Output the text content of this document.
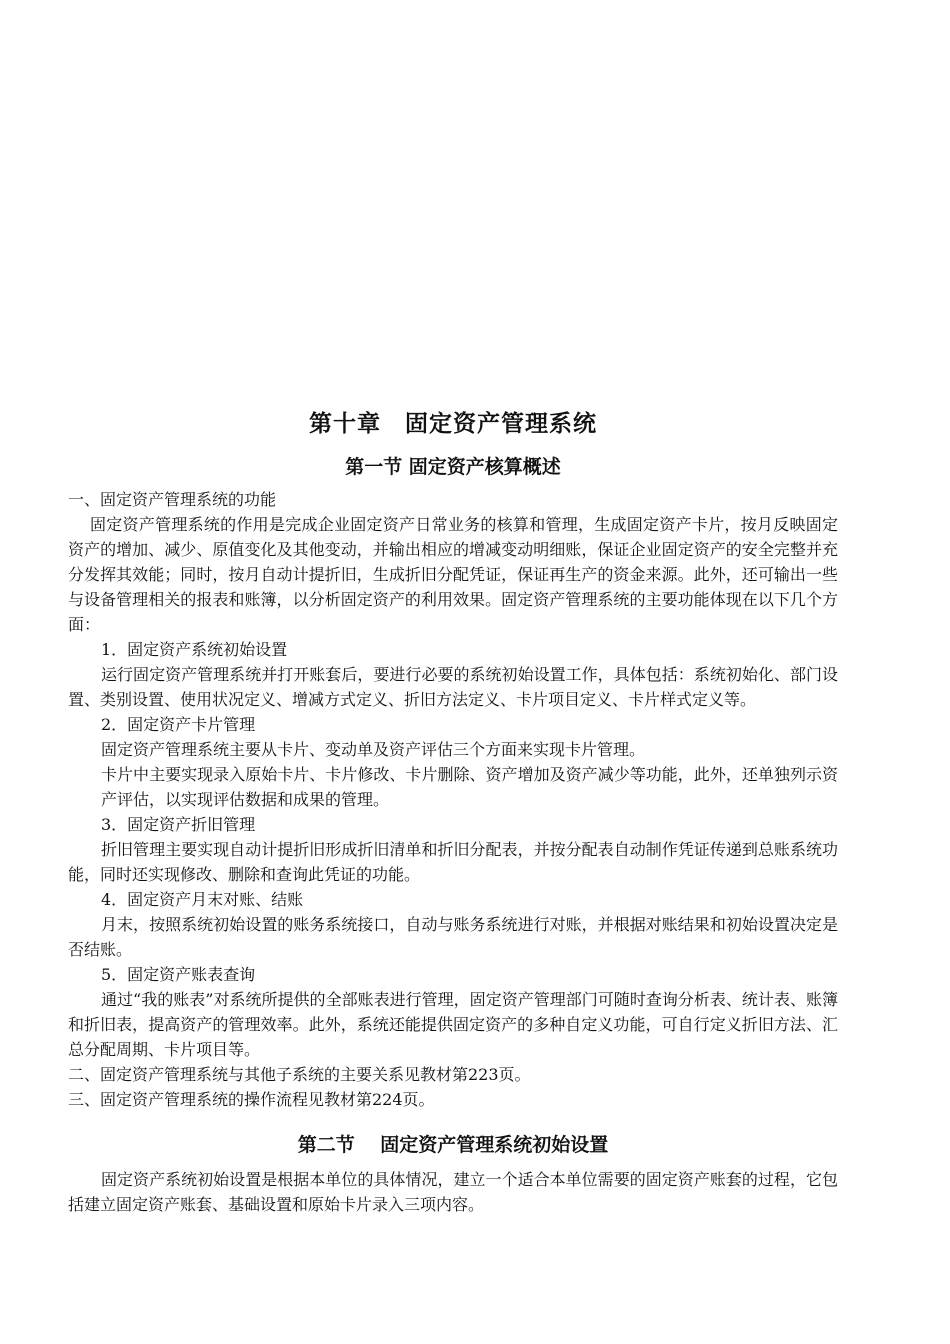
第十章　固定资产管理系统
第一节 固定资产核算概述

一、固定资产管理系统的功能

固定资产管理系统的作用是完成企业固定资产日常业务的核算和管理，生成固定资产卡片，按月反映固定资产的增加、减少、原值变化及其他变动，并输出相应的增减变动明细账，保证企业固定资产的安全完整并充分发挥其效能；同时，按月自动计提折旧，生成折旧分配凭证，保证再生产的资金来源。此外，还可输出一些与设备管理相关的报表和账簿，以分析固定资产的利用效果。固定资产管理系统的主要功能体现在以下几个方面：

1．固定资产系统初始设置

运行固定资产管理系统并打开账套后，要进行必要的系统初始设置工作，具体包括：系统初始化、部门设置、类别设置、使用状况定义、增减方式定义、折旧方法定义、卡片项目定义、卡片样式定义等。

2．固定资产卡片管理

固定资产管理系统主要从卡片、变动单及资产评估三个方面来实现卡片管理。

卡片中主要实现录入原始卡片、卡片修改、卡片删除、资产增加及资产减少等功能，此外，还单独列示资产评估，以实现评估数据和成果的管理。

3．固定资产折旧管理

折旧管理主要实现自动计提折旧形成折旧清单和折旧分配表，并按分配表自动制作凭证传递到总账系统功能，同时还实现修改、删除和查询此凭证的功能。

4．固定资产月末对账、结账

月末，按照系统初始设置的账务系统接口，自动与账务系统进行对账，并根据对账结果和初始设置决定是否结账。

5．固定资产账表查询

通过“我的账表”对系统所提供的全部账表进行管理，固定资产管理部门可随时查询分析表、统计表、账簿和折旧表，提高资产的管理效率。此外，系统还能提供固定资产的多种自定义功能，可自行定义折旧方法、汇总分配周期、卡片项目等。

二、固定资产管理系统与其他子系统的主要关系见教材第223页。

三、固定资产管理系统的操作流程见教材第224页。

第二节　 固定资产管理系统初始设置

固定资产系统初始设置是根据本单位的具体情况，建立一个适合本单位需要的固定资产账套的过程，它包括建立固定资产账套、基础设置和原始卡片录入三项内容。
